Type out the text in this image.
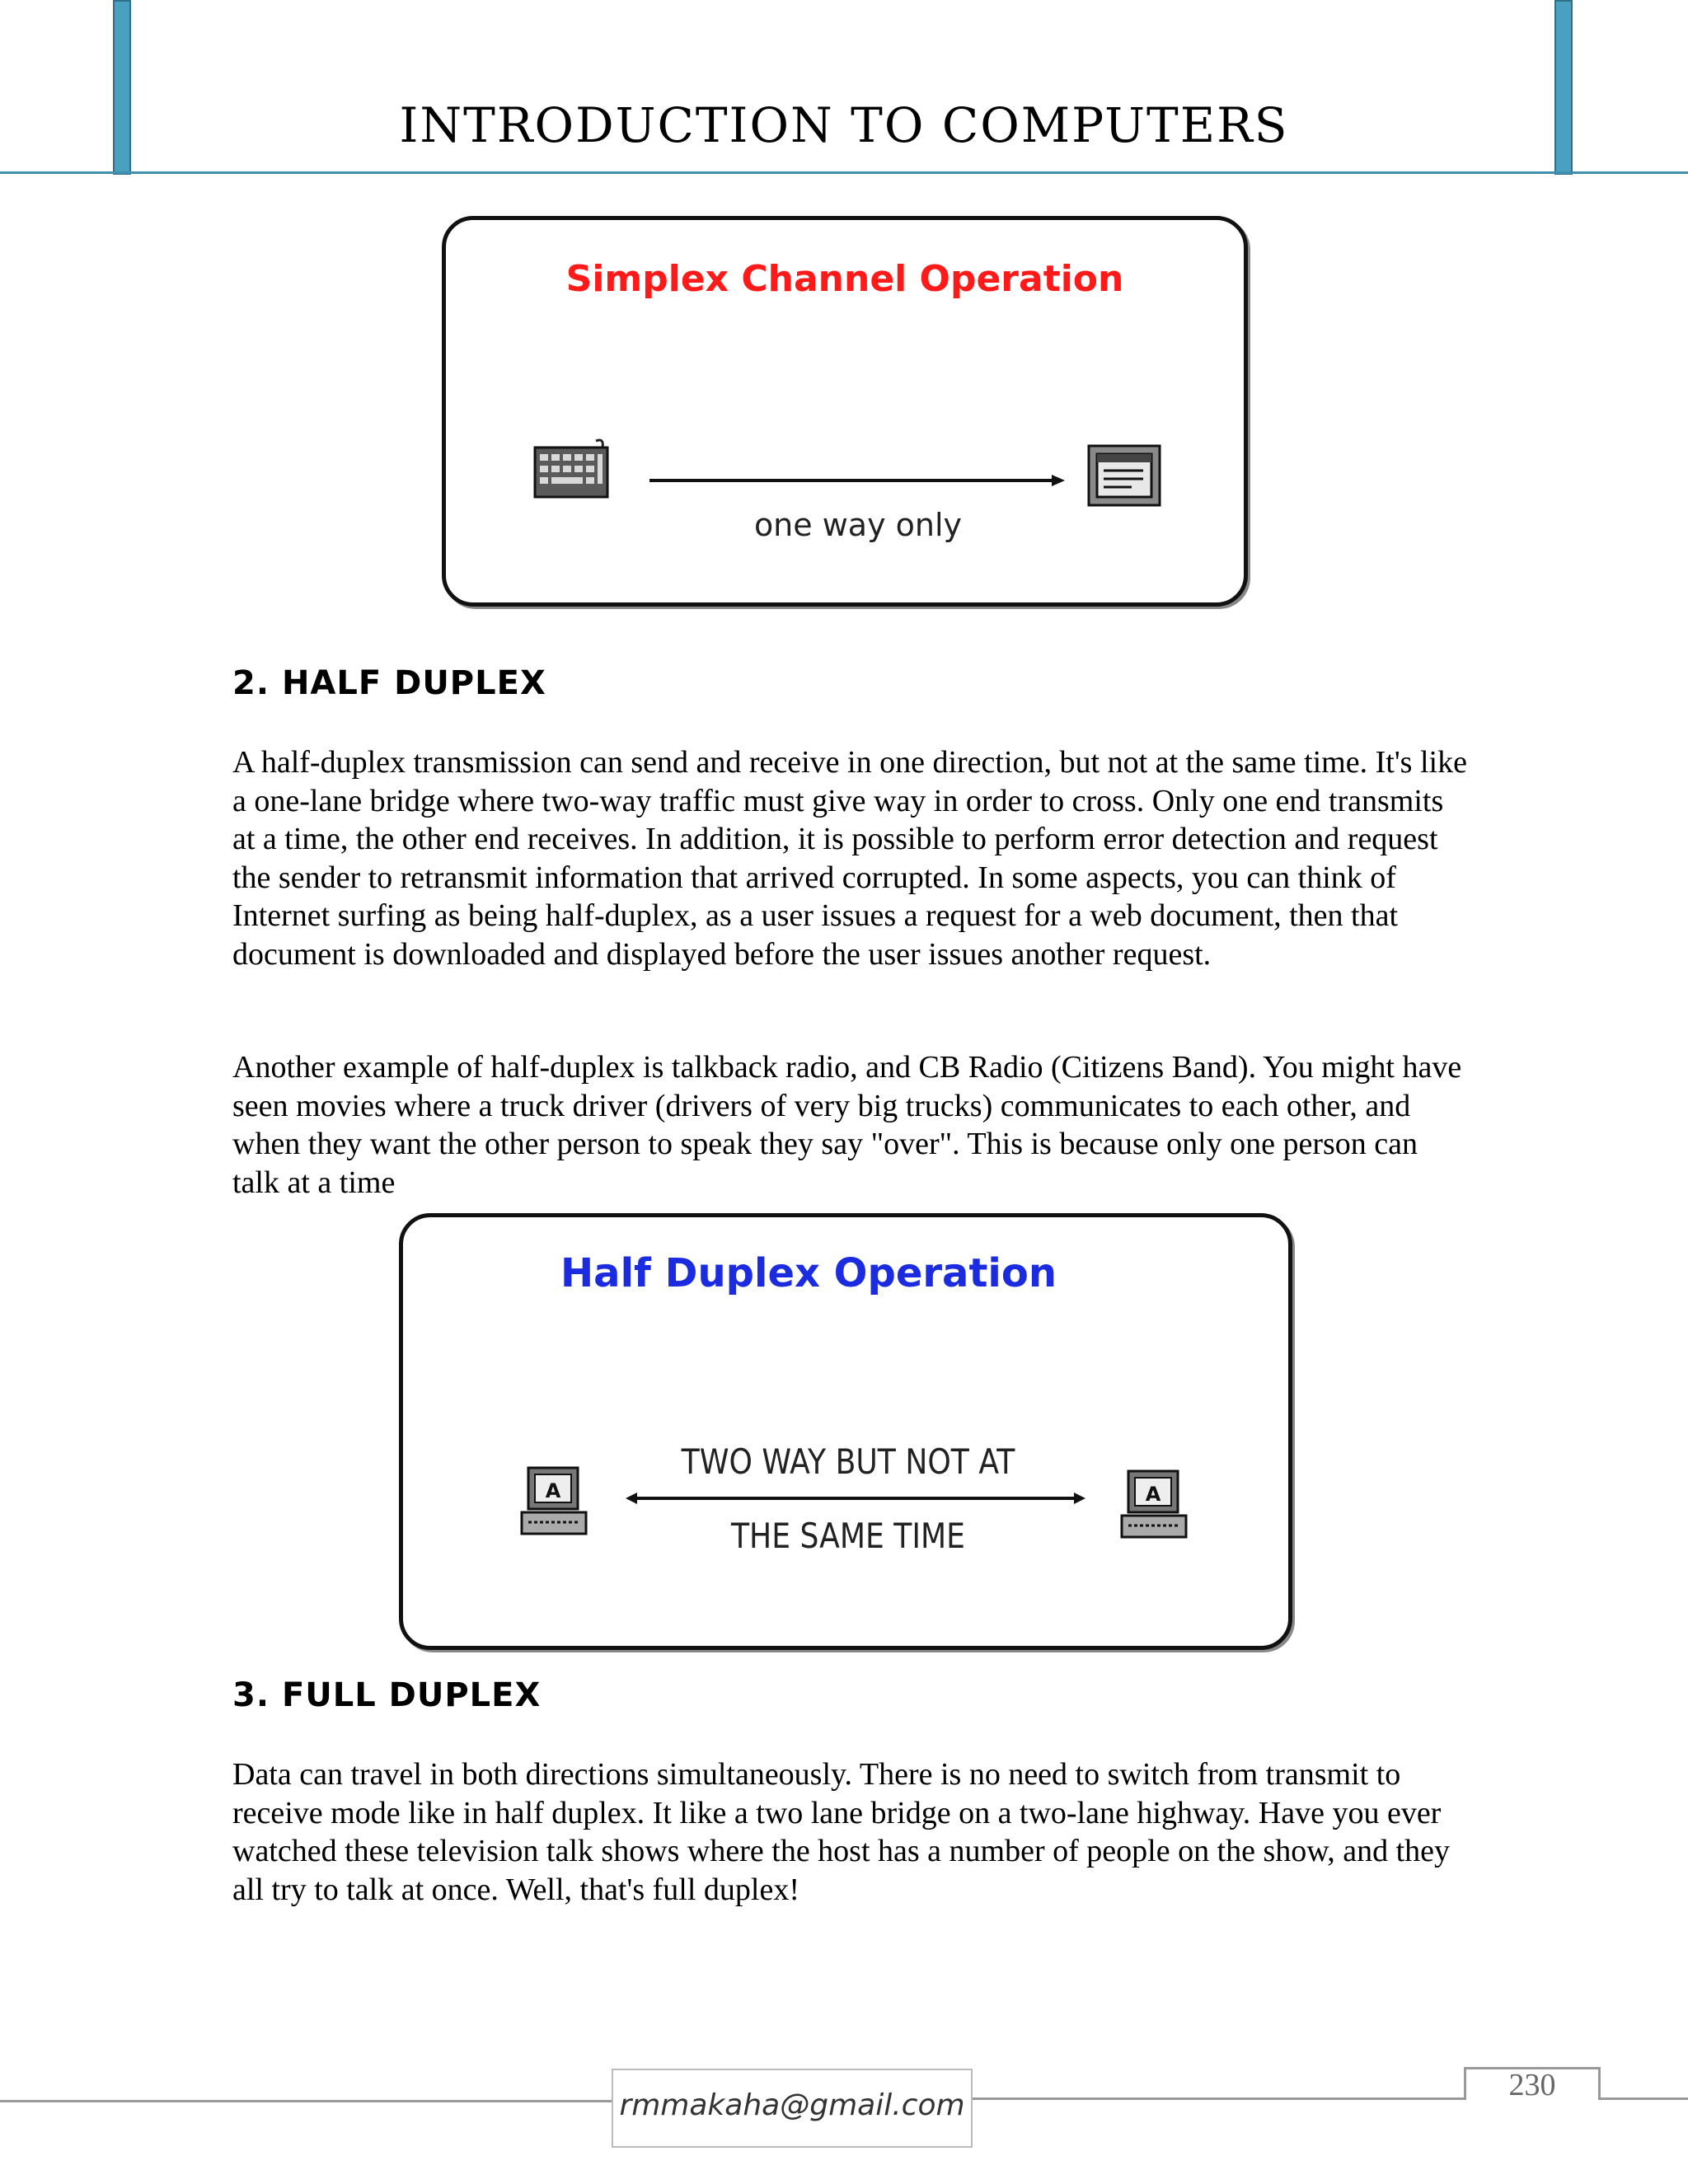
INTRODUCTION TO COMPUTERS
Simplex Channel Operation
one way only
2. HALF DUPLEX

A half-duplex transmission can send and receive in one direction, but not at the same time. It's like a one-lane bridge where two-way traffic must give way in order to cross. Only one end transmits at a time, the other end receives. In addition, it is possible to perform error detection and request the sender to retransmit information that arrived corrupted. In some aspects, you can think of Internet surfing as being half-duplex, as a user issues a request for a web document, then that document is downloaded and displayed before the user issues another request.

Another example of half-duplex is talkback radio, and CB Radio (Citizens Band). You might have seen movies where a truck driver (drivers of very big trucks) communicates to each other, and when they want the other person to speak they say "over". This is because only one person can talk at a time

Half Duplex Operation
A
TWO WAY BUT NOT AT
THE SAME TIME
A
3. FULL DUPLEX

Data can travel in both directions simultaneously. There is no need to switch from transmit to receive mode like in half duplex. It like a two lane bridge on a two-lane highway. Have you ever watched these television talk shows where the host has a number of people on the show, and they all try to talk at once. Well, that's full duplex!

rmmakaha@gmail.com
230
